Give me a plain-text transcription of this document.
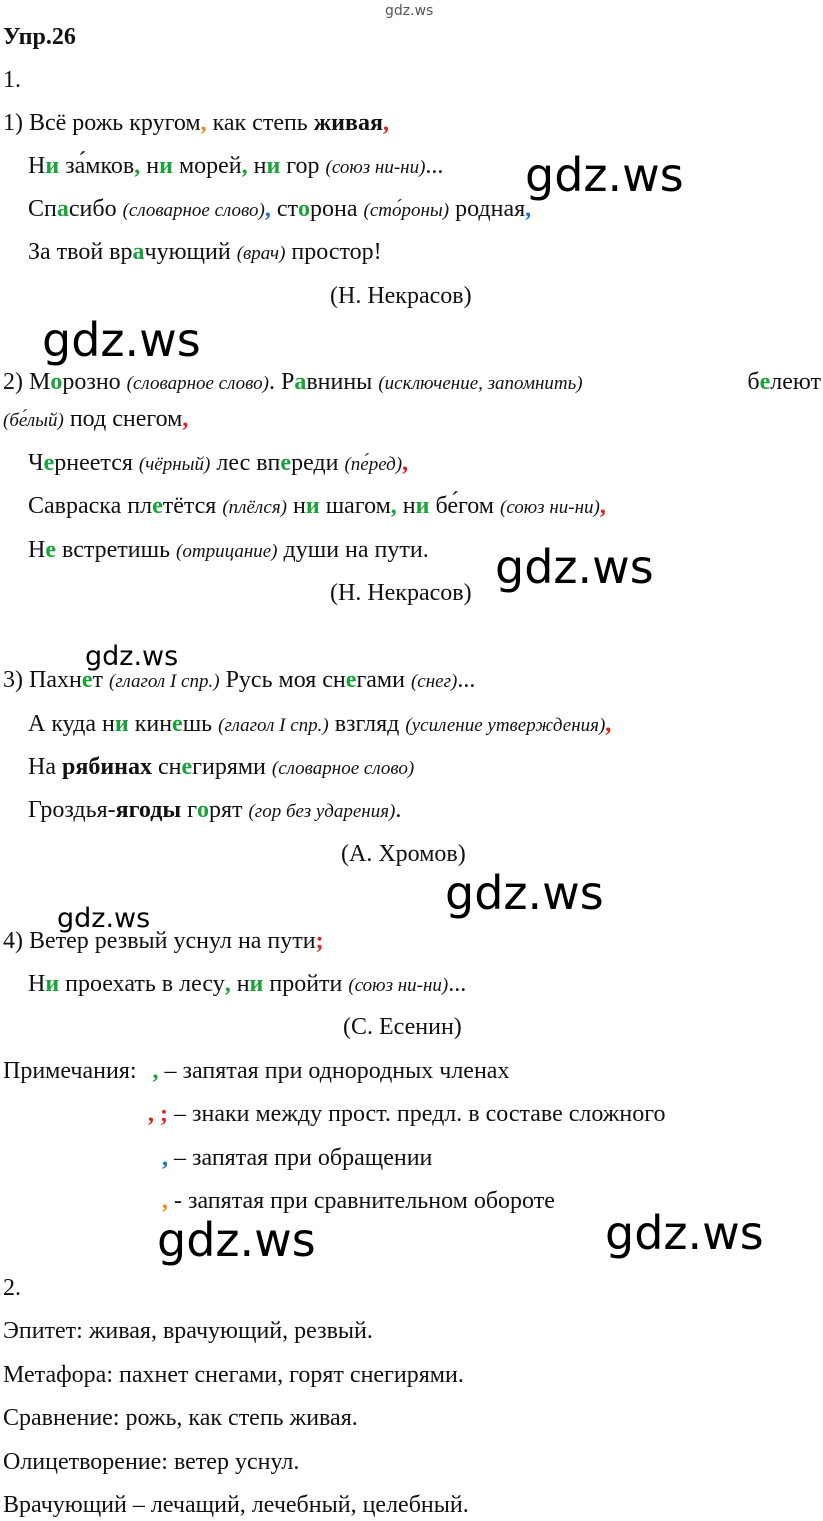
gdz.ws
gdz.ws
gdz.ws
gdz.ws
gdz.ws
gdz.ws
gdz.ws
gdz.ws	gdz.ws
Упр.26
1.
1) Всё рожь кругом, как степь живая,
Ни за́мков, ни морей, ни гор (союз ни-ни)...
Спасибо (словарное слово), сторона (сто́роны) родная,
За твой врачующий (врач) простор!
(Н. Некрасов)
2) Морозно (словарное слово). Равнины (исключение, запомнить)	белеют
(бе́лый) под снегом,
Чернеется (чёрный) лес впереди (пе́ред),
Савраска плетётся (плёлся) ни шагом, ни бе́гом (союз ни-ни),
Не встретишь (отрицание) души на пути.
(Н. Некрасов)
3) Пахнет (глагол I спр.) Русь моя снегами (снег)...
А куда ни кинешь (глагол I спр.) взгляд (усиление утверждения),
На рябинах снегирями (словарное слово)
Гроздья-ягоды горят (гор без ударения).
(А. Хромов)
4) Ветер резвый уснул на пути;
Ни проехать в лесу, ни пройти (союз ни-ни)...
(С. Есенин)
Примечания: , – запятая при однородных членах
, ; – знаки между прост. предл. в составе сложного
, – запятая при обращении
, - запятая при сравнительном обороте
2.
Эпитет: живая, врачующий, резвый.
Метафора: пахнет снегами, горят снегирями.
Сравнение: рожь, как степь живая.
Олицетворение: ветер уснул.
Врачующий – лечащий, лечебный, целебный.
